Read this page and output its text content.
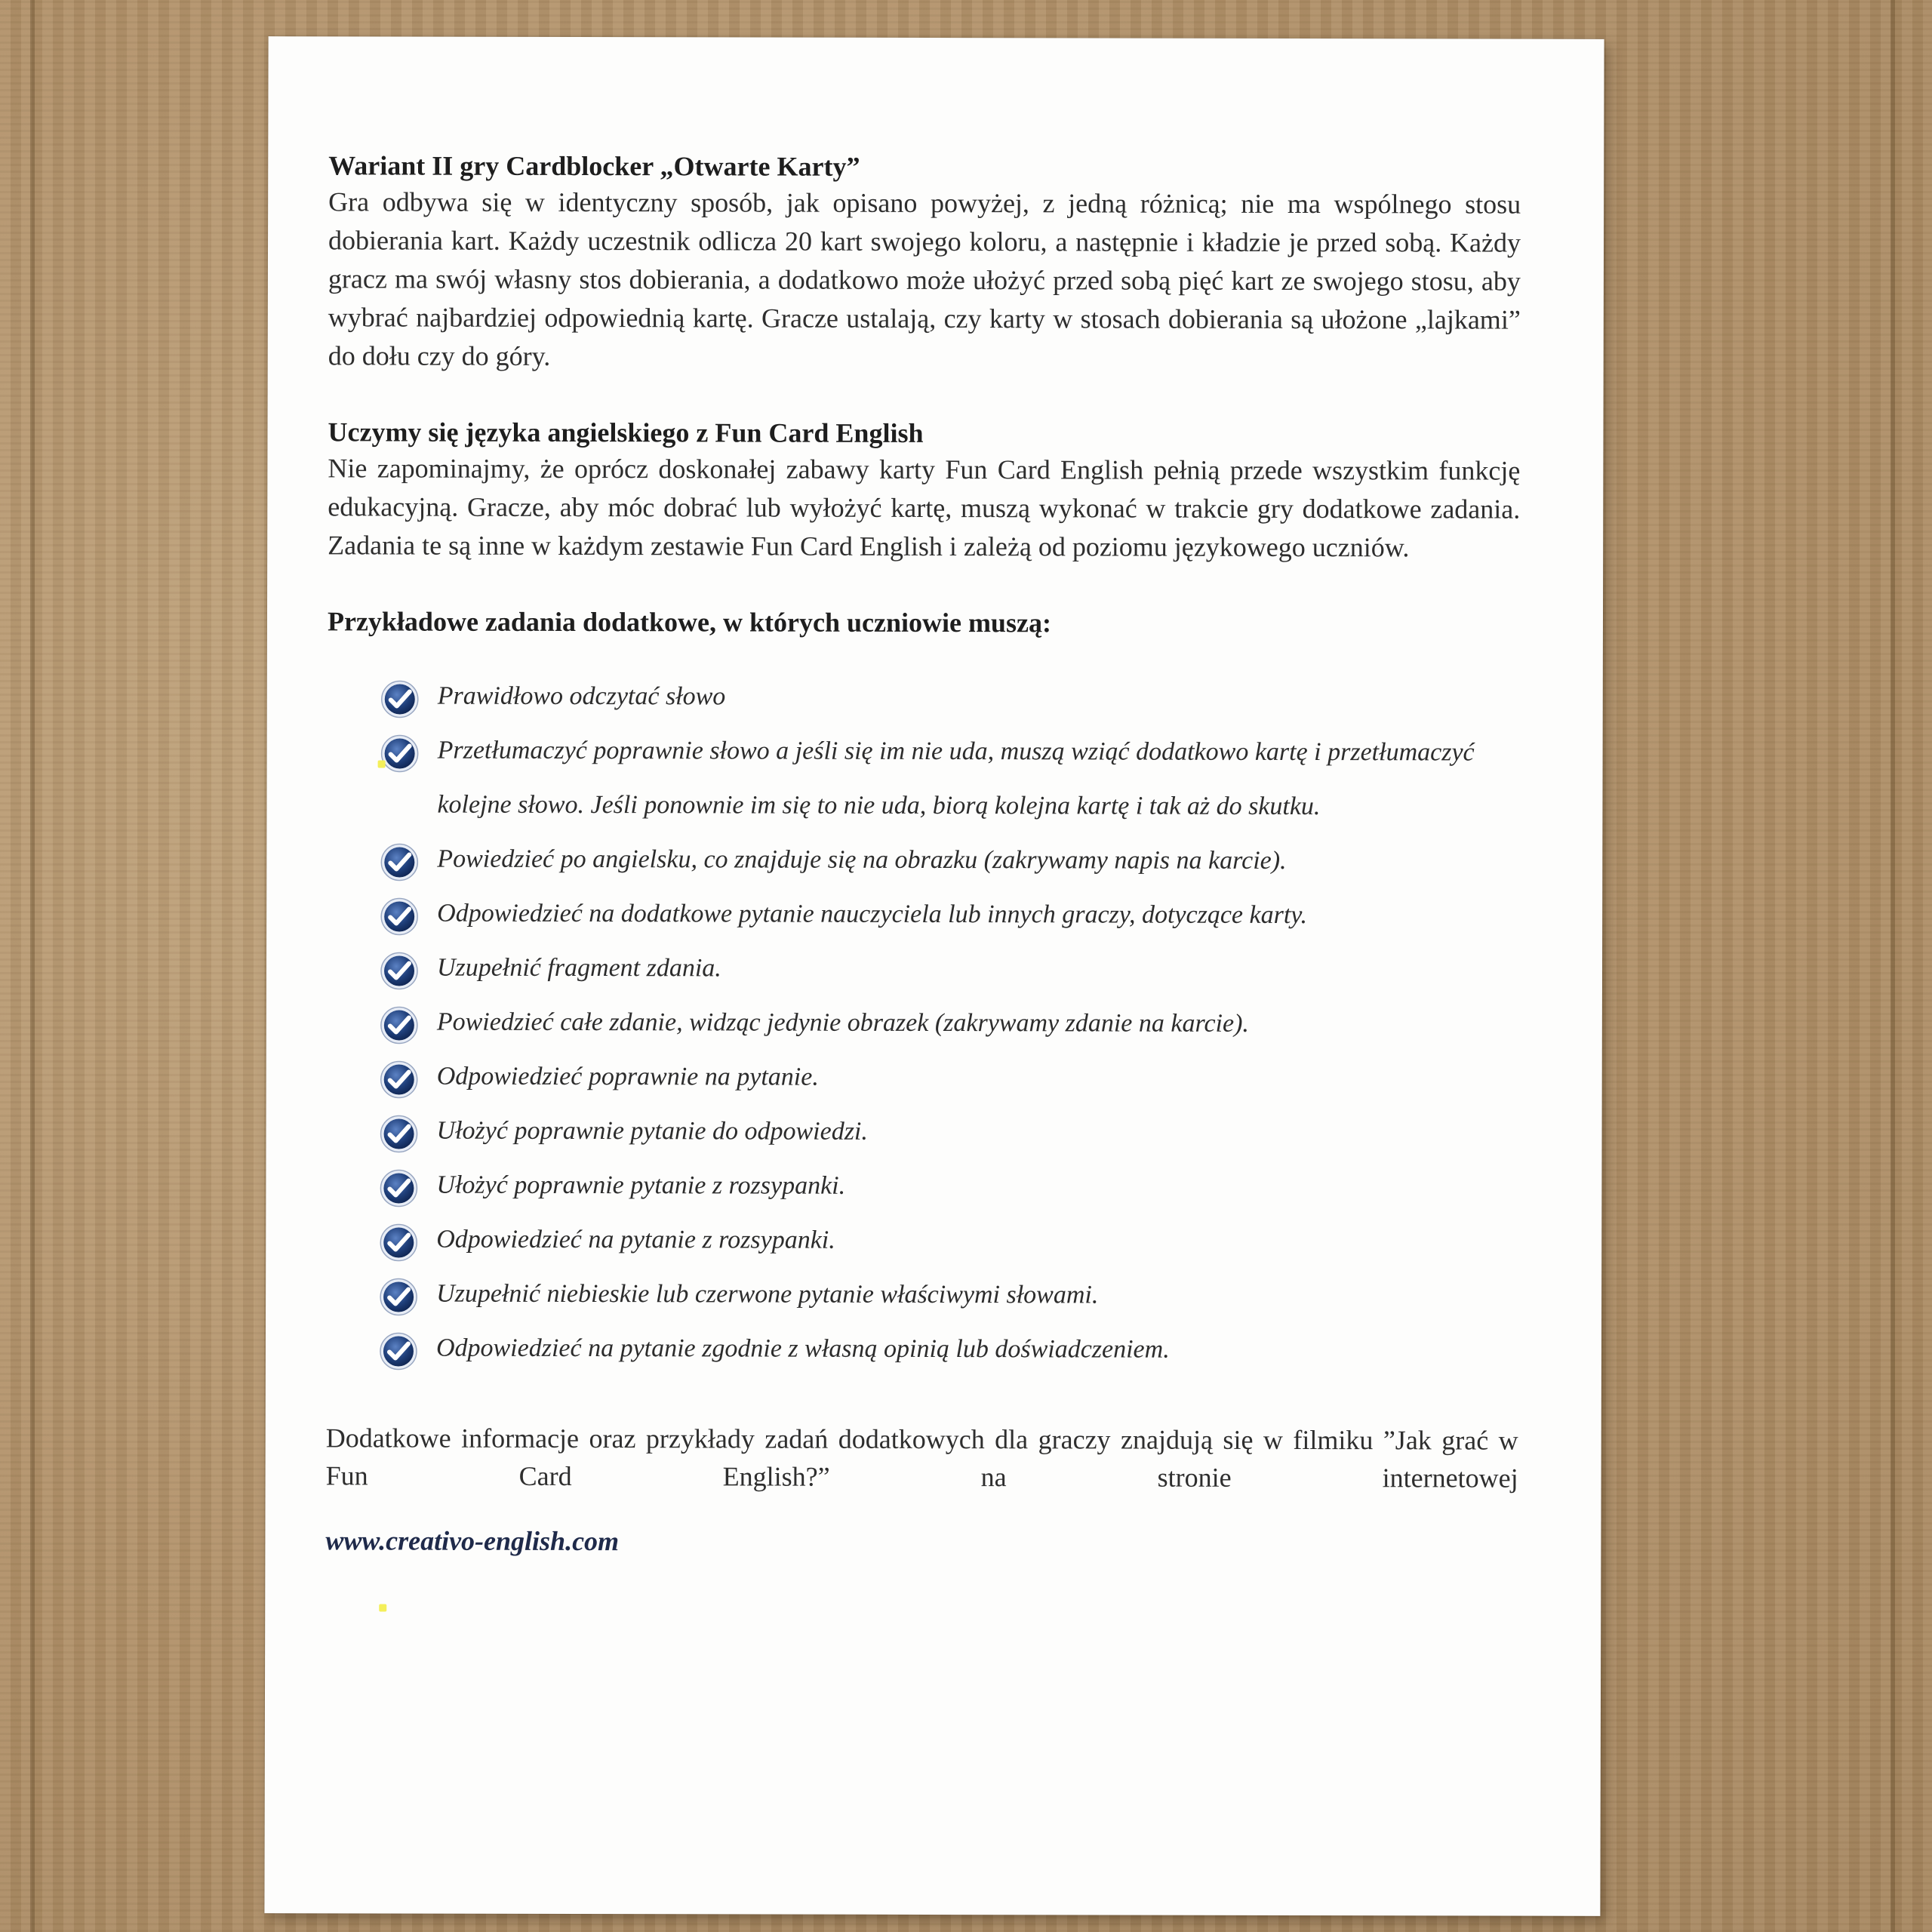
Wariant II gry Cardblocker „Otwarte Karty”

Gra odbywa się w identyczny sposób, jak opisano powyżej, z jedną różnicą; nie ma wspólnego stosu dobierania kart. Każdy uczestnik odlicza 20 kart swojego koloru, a następnie i kładzie je przed sobą. Każdy gracz ma swój własny stos dobierania, a dodatkowo może ułożyć przed sobą pięć kart ze swojego stosu, aby wybrać najbardziej odpowiednią kartę. Gracze ustalają, czy karty w stosach dobierania są ułożone „lajkami” do dołu czy do góry.

Uczymy się języka angielskiego z Fun Card English

Nie zapominajmy, że oprócz doskonałej zabawy karty Fun Card English pełnią przede wszystkim funkcję edukacyjną. Gracze, aby móc dobrać lub wyłożyć kartę, muszą wykonać w trakcie gry dodatkowe zadania. Zadania te są inne w każdym zestawie Fun Card English i zależą od poziomu językowego uczniów.

Przykładowe zadania dodatkowe, w których uczniowie muszą:
Prawidłowo odczytać słowo
Przetłumaczyć poprawnie słowo a jeśli się im nie uda, muszą wziąć dodatkowo kartę i przetłumaczyć kolejne słowo. Jeśli ponownie im się to nie uda, biorą kolejna kartę i tak aż do skutku.
Powiedzieć po angielsku, co znajduje się na obrazku (zakrywamy napis na karcie).
Odpowiedzieć na dodatkowe pytanie nauczyciela lub innych graczy, dotyczące karty.
Uzupełnić fragment zdania.
Powiedzieć całe zdanie, widząc jedynie obrazek (zakrywamy zdanie na karcie).
Odpowiedzieć poprawnie na pytanie.
Ułożyć poprawnie pytanie do odpowiedzi.
Ułożyć poprawnie pytanie z rozsypanki.
Odpowiedzieć na pytanie z rozsypanki.
Uzupełnić niebieskie lub czerwone pytanie właściwymi słowami.
Odpowiedzieć na pytanie zgodnie z własną opinią lub doświadczeniem.

Dodatkowe informacje oraz przykłady zadań dodatkowych dla graczy znajdują się w filmiku ”Jak grać w Fun Card English?” na stronie internetowej

www.creativo-english.com
